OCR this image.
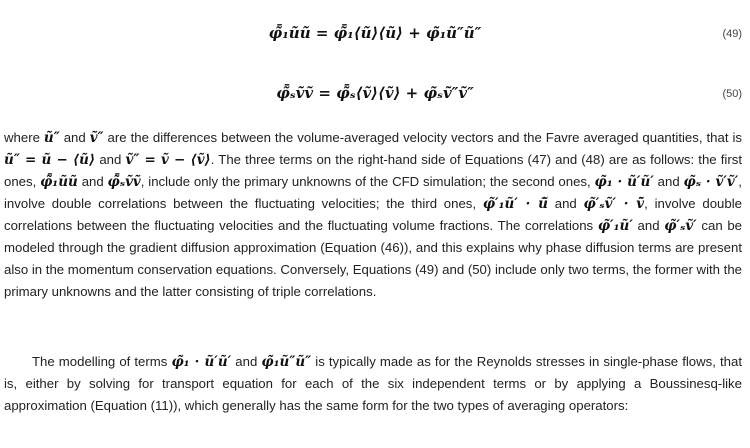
φ̃̄₁ũũ = φ̃̄₁⟨ũ⟩⟨ũ⟩ + φ̃₁ũ″ũ″	(49)
φ̃̄ₛṽṽ = φ̃̄ₛ⟨ṽ⟩⟨ṽ⟩ + φ̃ₛṽ″ṽ″	(50)

where ũ″ and ṽ″ are the differences between the volume-averaged velocity vectors and the Favre averaged quantities, that is ũ″ = ũ − ⟨ũ⟩ and ṽ″ = ṽ − ⟨ṽ⟩. The three terms on the right-hand side of Equations (47) and (48) are as follows: the first ones, φ̃̄₁ũũ and φ̃̄ₛṽṽ, include only the primary unknowns of the CFD simulation; the second ones, φ̃₁ · ũ′ũ′ and φ̃ₛ · ṽ′ṽ′, involve double correlations between the fluctuating velocities; the third ones, φ̃′₁ũ′ · ū̃ and φ̃′ₛṽ′ · v̄̃, involve double correlations between the fluctuating velocities and the fluctuating volume fractions. The correlations φ̃′₁ũ′ and φ̃′ₛṽ′ can be modeled through the gradient diffusion approximation (Equation (46)), and this explains why phase diffusion terms are present also in the momentum conservation equations. Conversely, Equations (49) and (50) include only two terms, the former with the primary unknowns and the latter consisting of triple correlations.

The modelling of terms φ̃₁ · ũ′ũ′ and φ̃₁ũ″ũ″ is typically made as for the Reynolds stresses in single-phase flows, that is, either by solving for transport equation for each of the six independent terms or by applying a Boussinesq-like approximation (Equation (11)), which generally has the same form for the two types of averaging operators:
